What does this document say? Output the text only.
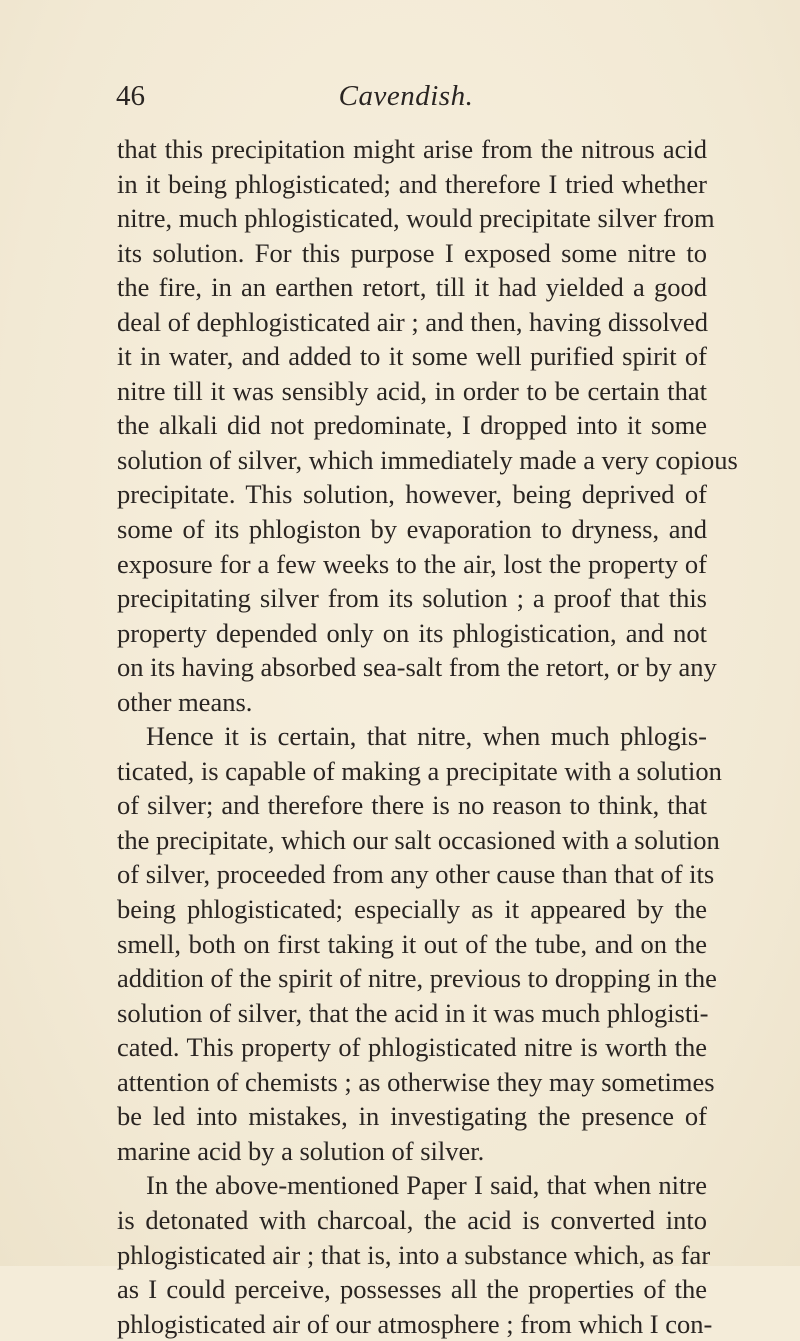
46	Cavendish.
that this precipitation might arise from the nitrous acid
in it being phlogisticated; and therefore I tried whether
nitre, much phlogisticated, would precipitate silver from
its solution. For this purpose I exposed some nitre to
the fire, in an earthen retort, till it had yielded a good
deal of dephlogisticated air ; and then, having dissolved
it in water, and added to it some well purified spirit of
nitre till it was sensibly acid, in order to be certain that
the alkali did not predominate, I dropped into it some
solution of silver, which immediately made a very copious
precipitate. This solution, however, being deprived of
some of its phlogiston by evaporation to dryness, and
exposure for a few weeks to the air, lost the property of
precipitating silver from its solution ; a proof that this
property depended only on its phlogistication, and not
on its having absorbed sea-salt from the retort, or by any
other means.
Hence it is certain, that nitre, when much phlogis-
ticated, is capable of making a precipitate with a solution
of silver; and therefore there is no reason to think, that
the precipitate, which our salt occasioned with a solution
of silver, proceeded from any other cause than that of its
being phlogisticated; especially as it appeared by the
smell, both on first taking it out of the tube, and on the
addition of the spirit of nitre, previous to dropping in the
solution of silver, that the acid in it was much phlogisti-
cated. This property of phlogisticated nitre is worth the
attention of chemists ; as otherwise they may sometimes
be led into mistakes, in investigating the presence of
marine acid by a solution of silver.
In the above-mentioned Paper I said, that when nitre
is detonated with charcoal, the acid is converted into
phlogisticated air ; that is, into a substance which, as far
as I could perceive, possesses all the properties of the
phlogisticated air of our atmosphere ; from which I con-
